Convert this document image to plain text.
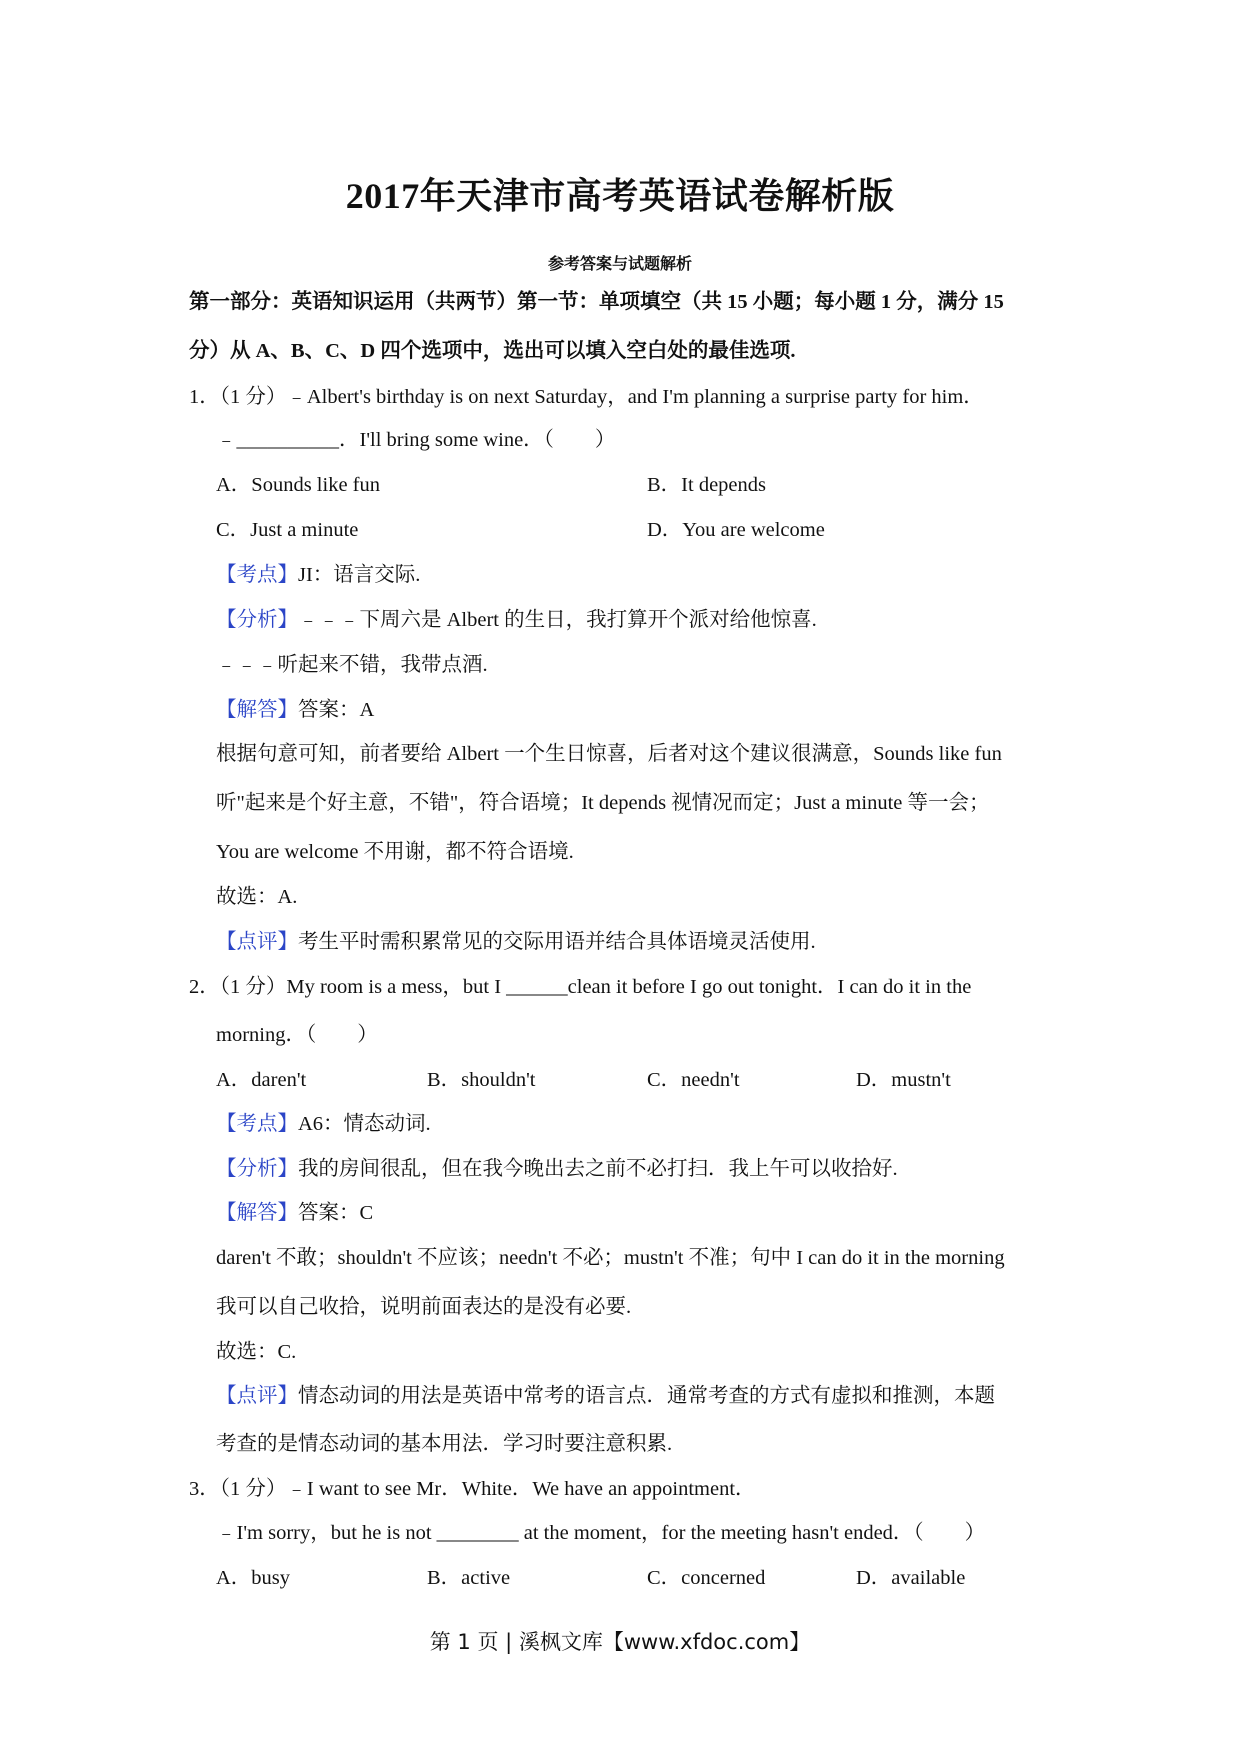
2017年天津市高考英语试卷解析版
参考答案与试题解析
第一部分：英语知识运用（共两节）第一节：单项填空（共 15 小题；每小题 1 分，满分 15
分）从 A、B、C、D 四个选项中，选出可以填入空白处的最佳选项.
1．（1 分）﹣Albert's birthday is on next Saturday，and I'm planning a surprise party for him．
﹣__________．I'll bring some wine．（　　）
A．Sounds like fun	B．It depends
C．Just a minute	D．You are welcome
【考点】JI：语言交际.
【分析】﹣﹣﹣下周六是 Albert 的生日，我打算开个派对给他惊喜.
﹣﹣﹣听起来不错，我带点酒.
【解答】答案：A
根据句意可知，前者要给 Albert 一个生日惊喜，后者对这个建议很满意，Sounds like fun
听"起来是个好主意，不错"，符合语境；It depends 视情况而定；Just a minute 等一会；
You are welcome 不用谢，都不符合语境.
故选：A.
【点评】考生平时需积累常见的交际用语并结合具体语境灵活使用.
2．（1 分）My room is a mess，but I ______clean it before I go out tonight．I can do it in the
morning．（　　）
A．daren't	B．shouldn't	C．needn't	D．mustn't
【考点】A6：情态动词.
【分析】我的房间很乱，但在我今晚出去之前不必打扫．我上午可以收拾好.
【解答】答案：C
daren't 不敢；shouldn't 不应该；needn't 不必；mustn't 不准；句中 I can do it in the morning
我可以自己收拾，说明前面表达的是没有必要.
故选：C.
【点评】情态动词的用法是英语中常考的语言点．通常考查的方式有虚拟和推测，本题
考查的是情态动词的基本用法．学习时要注意积累.
3．（1 分）﹣I want to see Mr．White．We have an appointment．
﹣I'm sorry，but he is not ________ at the moment，for the meeting hasn't ended．（　　）
A．busy	B．active	C．concerned	D．available
第 1 页 | 溪枫文库【www.xfdoc.com】
